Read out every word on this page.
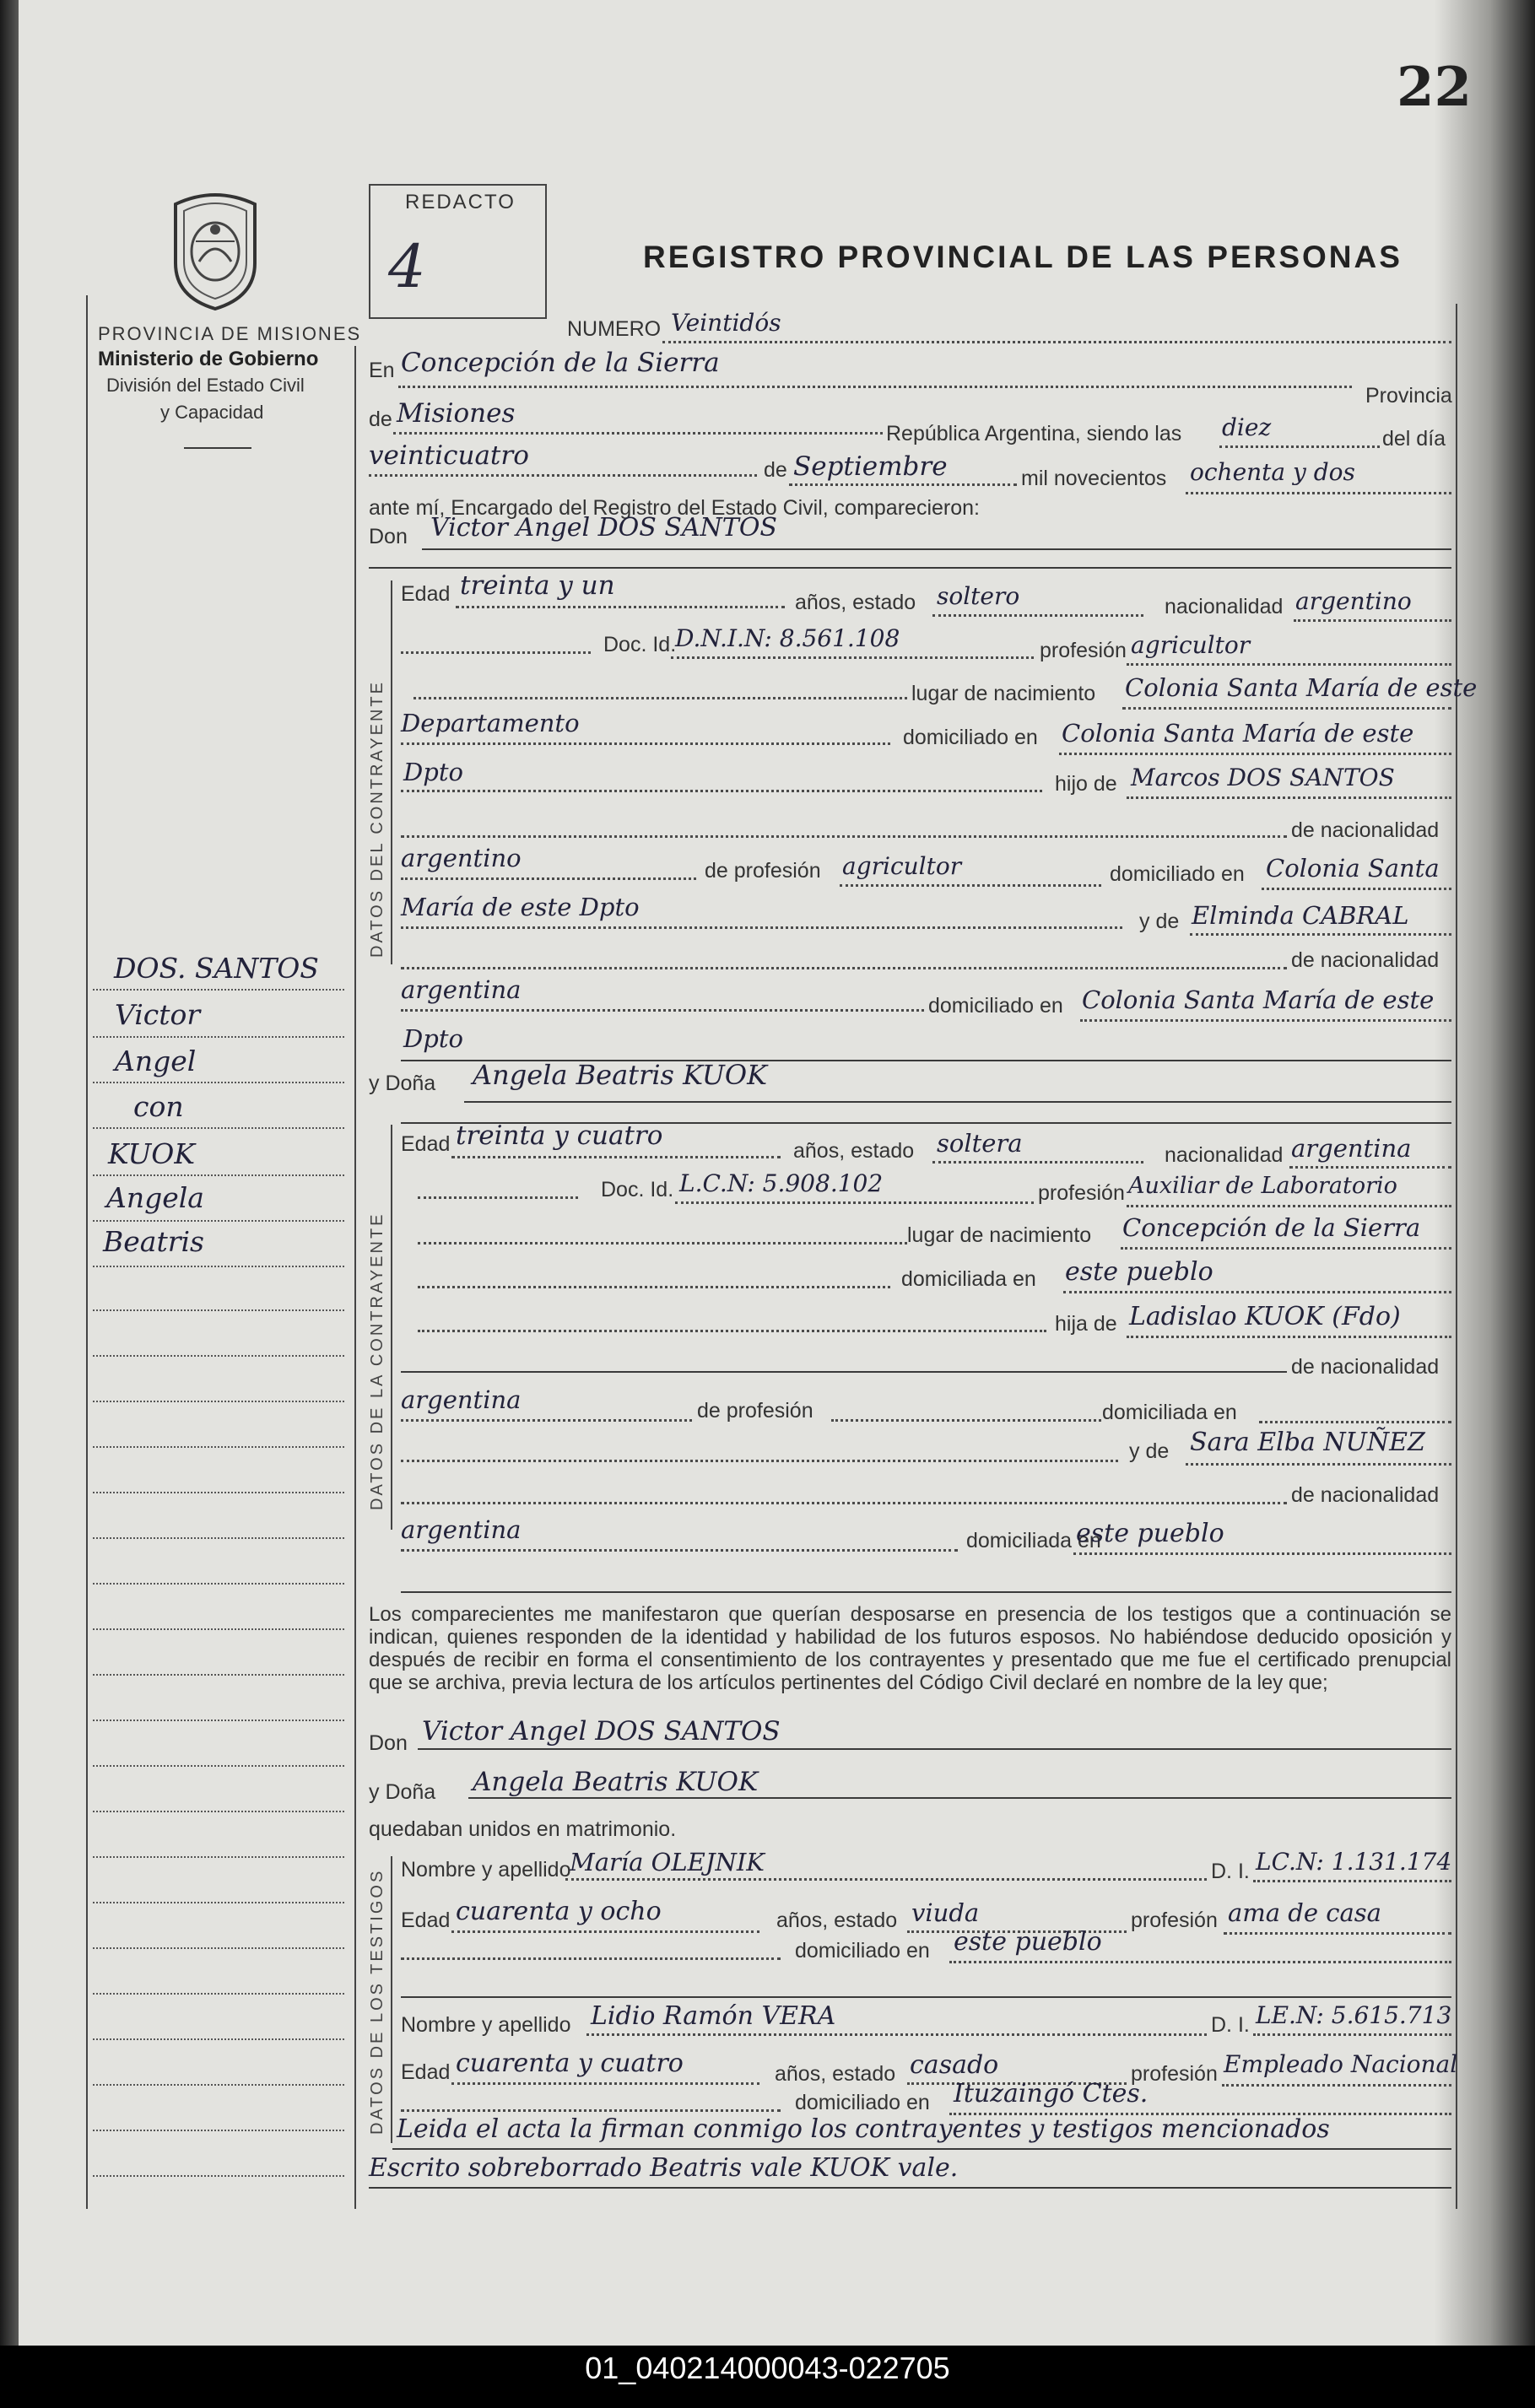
22
PROVINCIA DE MISIONES
Ministerio de Gobierno
División del Estado Civil
y Capacidad
REDACTO
4	REGISTRO PROVINCIAL DE LAS PERSONAS
NUMERO Veintidós
En Concepción de la Sierra
Provincia
de Misiones
República Argentina, siendo las diez	del día
veinticuatro	de Septiembre	mil novecientos ochenta y dos
ante mí, Encargado del Registro del Estado Civil, comparecieron:
Don Victor Angel DOS SANTOS
DATOS DEL CONTRAYENTE
Edad treinta y un
años, estado soltero	nacionalidad argentino
Doc. Id.
D.N.I.N: 8.561.108	profesión agricultor
lugar de nacimiento Colonia Santa María de este
Departamento	domiciliado en Colonia Santa María de este
Dpto	hijo de Marcos DOS SANTOS
de nacionalidad
argentino	de profesión agricultor	domiciliado en Colonia Santa
María de este Dpto	y de Elminda CABRAL
de nacionalidad
argentina
domiciliado en Colonia Santa María de este
Dpto
y Doña Angela Beatris KUOK
DATOS DE LA CONTRAYENTE
Edad treinta y cuatro	años, estado soltera	nacionalidad argentina
Doc. Id. L.C.N: 5.908.102	profesión Auxiliar de Laboratorio
lugar de nacimiento Concepción de la Sierra
domiciliada en este pueblo
hija de Ladislao KUOK (Fdo)
de nacionalidad
argentina	de profesión	domiciliada en
y de Sara Elba NUÑEZ
de nacionalidad
argentina	domiciliada en
este pueblo
Los comparecientes me manifestaron que querían desposarse en presencia de los testigos que a continuación se indican, quienes responden de la identidad y habilidad de los futuros esposos. No habiéndose deducido oposición y después de recibir en forma el consentimiento de los contrayentes y presentado que me fue el certificado prenupcial que se archiva, previa lectura de los artículos pertinentes del Código Civil declaré en nombre de la ley que;
Don Victor Angel DOS SANTOS
y Doña Angela Beatris KUOK
quedaban unidos en matrimonio.
DATOS DE LOS TESTIGOS Nombre y apellido
María OLEJNIK	D. I. LC.N: 1.131.174
Edad cuarenta y ocho	años, estado viuda	profesión ama de casa
domiciliado en este pueblo
Nombre y apellido Lidio Ramón VERA	D. I. LE.N: 5.615.713
Edad cuarenta y cuatro	años, estado casado	profesión Empleado Nacional
domiciliado en Ituzaingó Ctes.
Leida el acta la firman conmigo los contrayentes y testigos mencionados
Escrito sobreborrado Beatris vale KUOK vale.
DOS. SANTOS
Victor
Angel
con
KUOK
Angela
Beatris
01_040214000043-022705
